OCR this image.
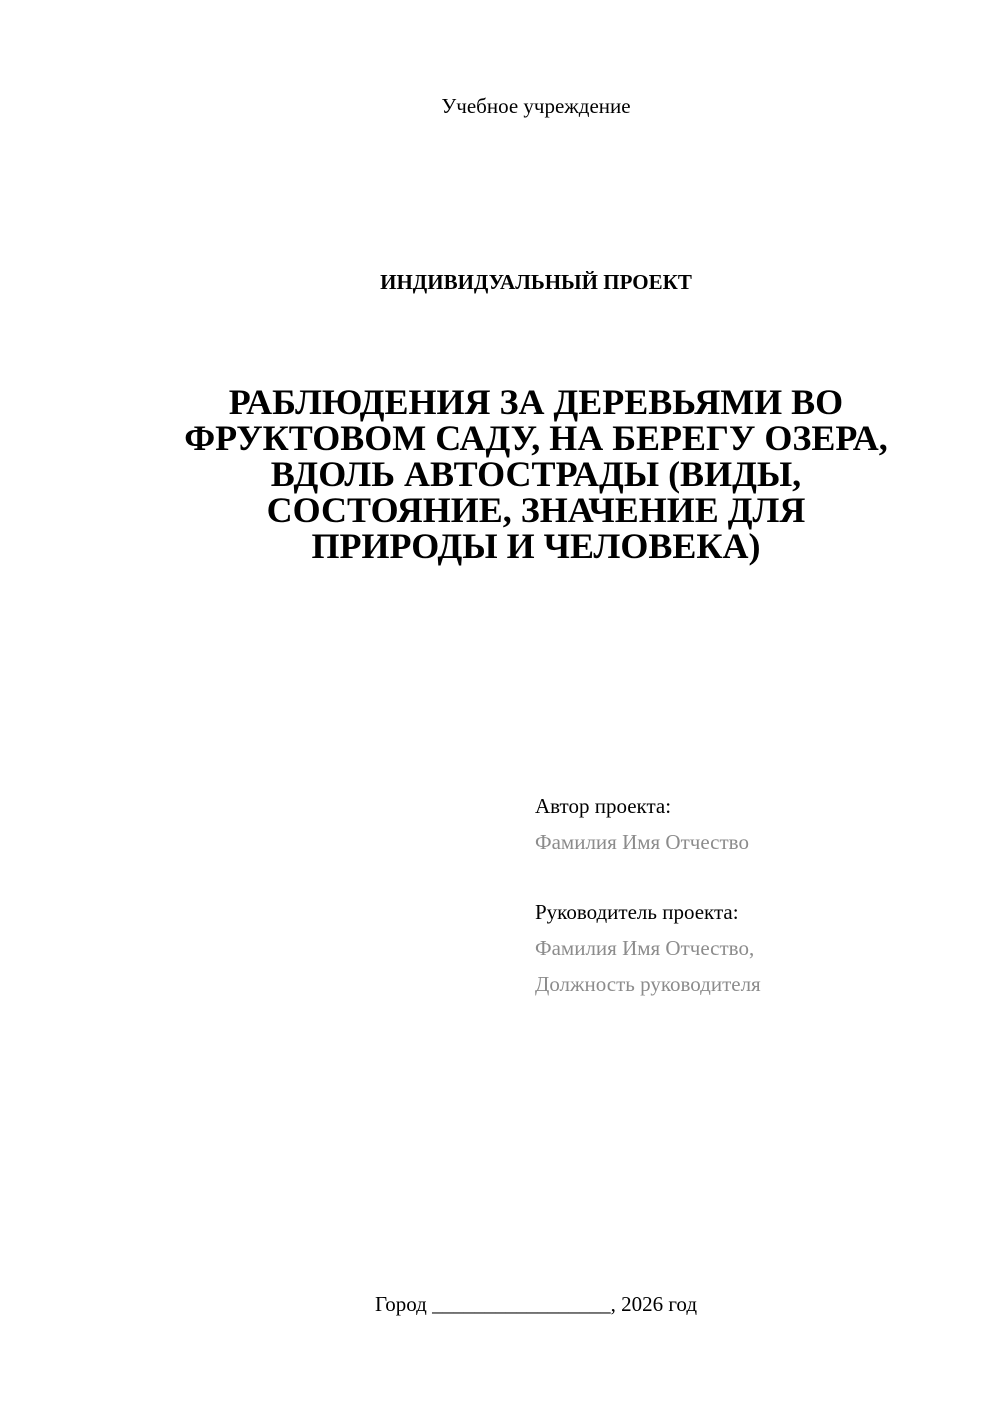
Учебное учреждение
ИНДИВИДУАЛЬНЫЙ ПРОЕКТ
РАБЛЮДЕНИЯ ЗА ДЕРЕВЬЯМИ ВО
ФРУКТОВОМ САДУ, НА БЕРЕГУ ОЗЕРА,
ВДОЛЬ АВТОСТРАДЫ (ВИДЫ,
СОСТОЯНИЕ, ЗНАЧЕНИЕ ДЛЯ
ПРИРОДЫ И ЧЕЛОВЕКА)
Автор проекта:
Фамилия Имя Отчество
Руководитель проекта:
Фамилия Имя Отчество,
Должность руководителя
Город _________________, 2026 год
